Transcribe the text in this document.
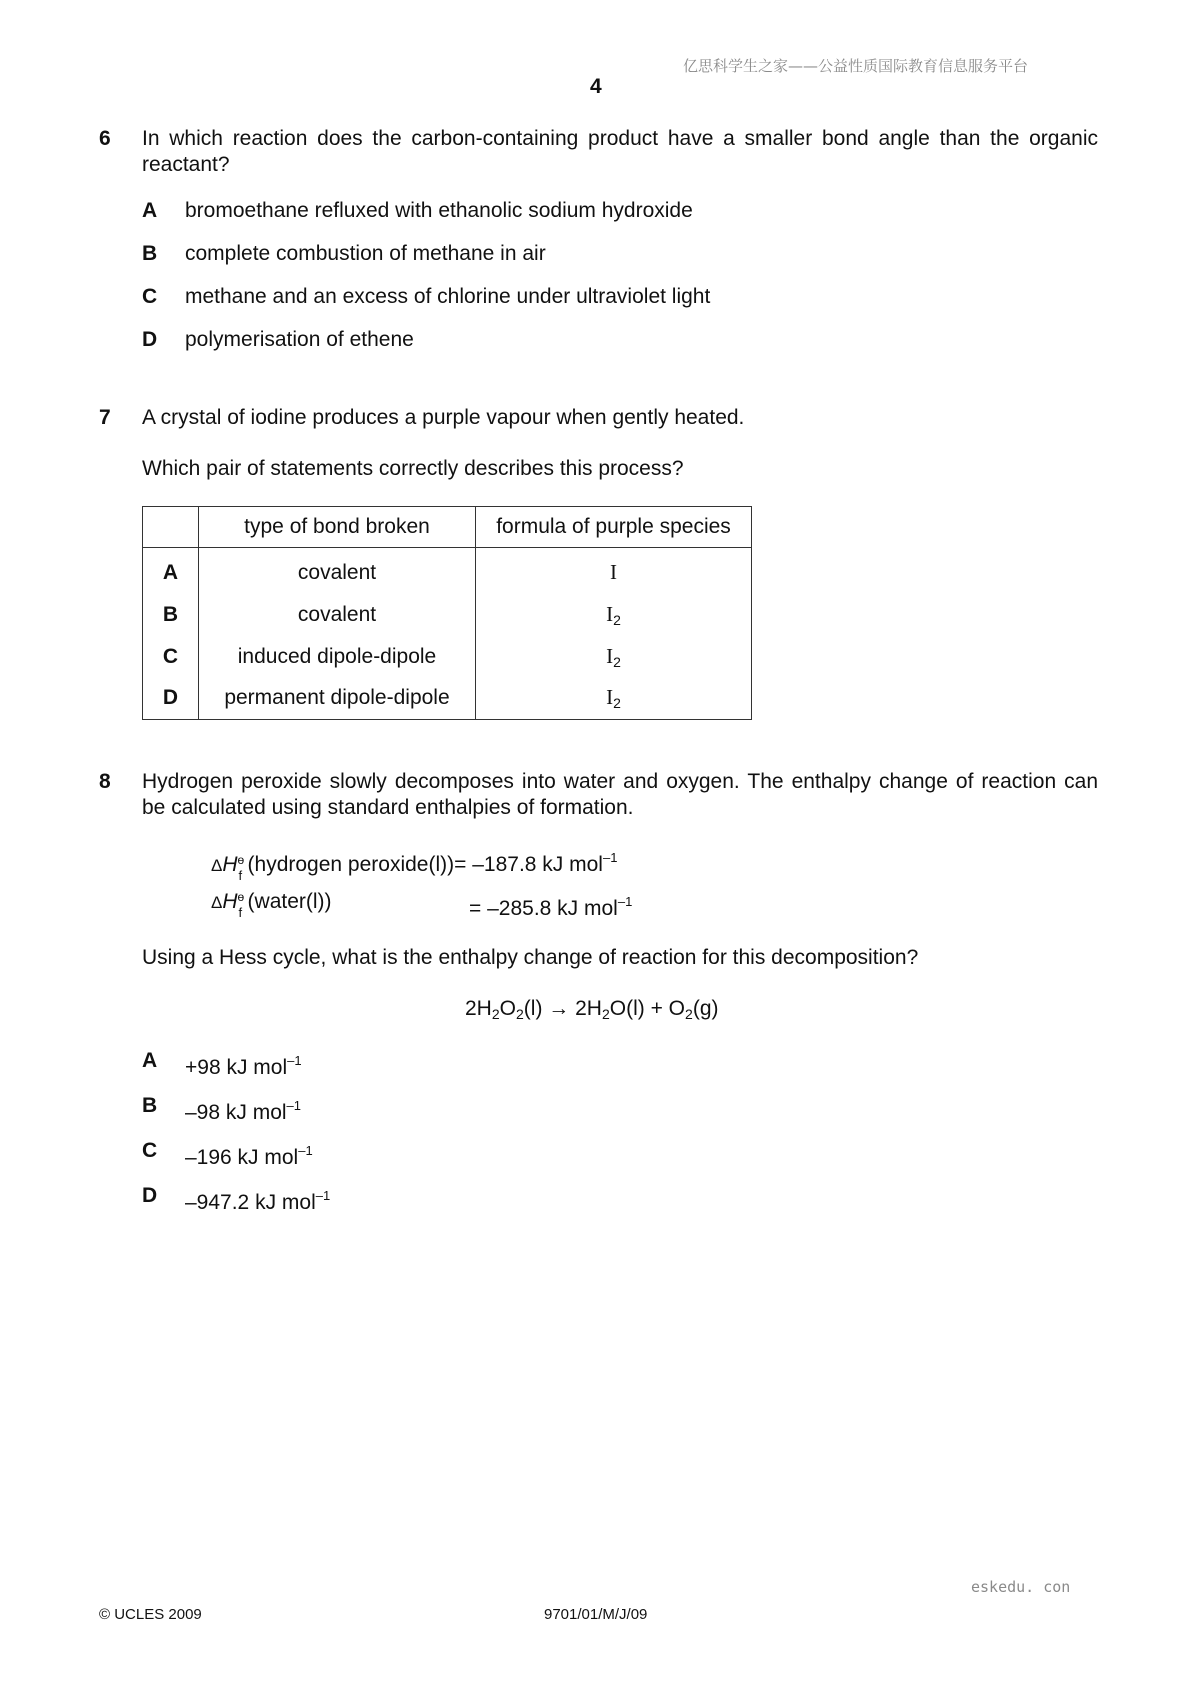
亿思科学生之家——公益性质国际教育信息服务平台
4
6 In which reaction does the carbon-containing product have a smaller bond angle than the organic reactant?
A bromoethane refluxed with ethanolic sodium hydroxide
B complete combustion of methane in air
C methane and an excess of chlorine under ultraviolet light
D polymerisation of ethene
7 A crystal of iodine produces a purple vapour when gently heated.
Which pair of statements correctly describes this process?
	type of bond broken	formula of purple species
A	covalent	I
B	covalent	$I_2$
C	induced dipole-dipole	$I_2$
D	permanent dipole-dipole	$I_2$
8 Hydrogen peroxide slowly decomposes into water and oxygen. The enthalpy change of reaction can be calculated using standard enthalpies of formation.
ΔH ө
f (hydrogen peroxide(l))= –187.8 kJ mol$^{-1}$
ΔH ө
f (water(l))	= –285.8 kJ mol$^{-1}$
Using a Hess cycle, what is the enthalpy change of reaction for this decomposition?
$2H_2O_2(l) \to 2H_2O(l) + O_2(g)$
A +98 kJ mol$^{-1}$
B –98 kJ mol$^{-1}$
C –196 kJ mol$^{-1}$
D –947.2 kJ mol$^{-1}$
eskedu. con
© UCLES 2009	9701/01/M/J/09
